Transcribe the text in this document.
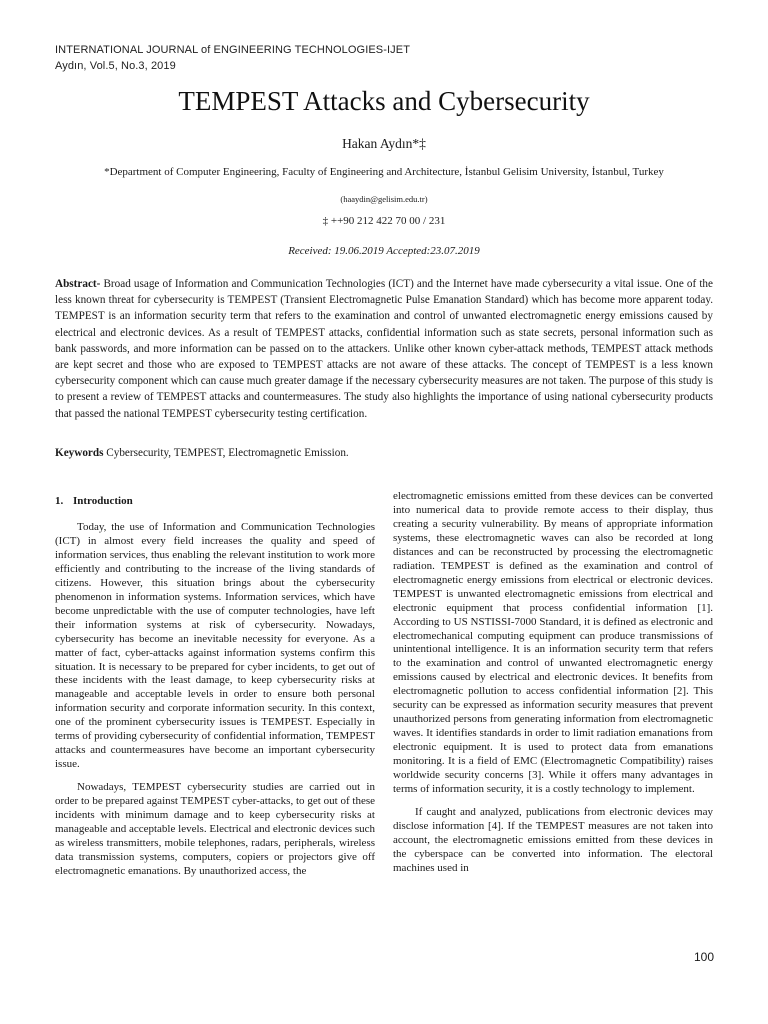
INTERNATIONAL JOURNAL of ENGINEERING TECHNOLOGIES-IJET
Aydın, Vol.5, No.3, 2019
TEMPEST Attacks and Cybersecurity
Hakan Aydın*‡
*Department of Computer Engineering, Faculty of Engineering and Architecture, İstanbul Gelisim University, İstanbul, Turkey
(haaydin@gelisim.edu.tr)
‡ ++90 212 422 70 00 / 231
Received: 19.06.2019 Accepted:23.07.2019
Abstract- Broad usage of Information and Communication Technologies (ICT) and the Internet have made cybersecurity a vital issue. One of the less known threat for cybersecurity is TEMPEST (Transient Electromagnetic Pulse Emanation Standard) which has become more apparent today. TEMPEST is an information security term that refers to the examination and control of unwanted electromagnetic energy emissions caused by electrical and electronic devices. As a result of TEMPEST attacks, confidential information such as state secrets, personal information such as bank passwords, and more information can be passed on to the attackers. Unlike other known cyber-attack methods, TEMPEST attack methods are kept secret and those who are exposed to TEMPEST attacks are not aware of these attacks. The concept of TEMPEST is a less known cybersecurity component which can cause much greater damage if the necessary cybersecurity measures are not taken. The purpose of this study is to present a review of TEMPEST attacks and countermeasures. The study also highlights the importance of using national cybersecurity products that passed the national TEMPEST cybersecurity testing certification.
Keywords Cybersecurity, TEMPEST, Electromagnetic Emission.
1. Introduction

Today, the use of Information and Communication Technologies (ICT) in almost every field increases the quality and speed of information services, thus enabling the relevant institution to work more efficiently and contributing to the increase of the living standards of citizens. However, this situation brings about the cybersecurity phenomenon in information systems. Information services, which have become unpredictable with the use of computer technologies, have left their information systems at risk of cybersecurity. Nowadays, cybersecurity has become an inevitable necessity for everyone. As a matter of fact, cyber-attacks against information systems confirm this situation. It is necessary to be prepared for cyber incidents, to get out of these incidents with the least damage, to keep cybersecurity risks at manageable and acceptable levels in order to ensure both personal information security and corporate information security. In this context, one of the prominent cybersecurity issues is TEMPEST. Especially in terms of providing cybersecurity of confidential information, TEMPEST attacks and countermeasures have become an important cybersecurity issue.

Nowadays, TEMPEST cybersecurity studies are carried out in order to be prepared against TEMPEST cyber-attacks, to get out of these incidents with minimum damage and to keep cybersecurity risks at manageable and acceptable levels. Electrical and electronic devices such as wireless transmitters, mobile telephones, radars, peripherals, wireless data transmission systems, computers, copiers or projectors give off electromagnetic emanations. By unauthorized access, the

electromagnetic emissions emitted from these devices can be converted into numerical data to provide remote access to their display, thus creating a security vulnerability. By means of appropriate information systems, these electromagnetic waves can also be recorded at long distances and can be reconstructed by processing the electromagnetic radiation. TEMPEST is defined as the examination and control of electromagnetic energy emissions from electrical or electronic devices. TEMPEST is unwanted electromagnetic emissions from electrical and electronic equipment that process confidential information [1]. According to US NSTISSI-7000 Standard, it is defined as electronic and electromechanical computing equipment can produce transmissions of unintentional intelligence. It is an information security term that refers to the examination and control of unwanted electromagnetic energy emissions caused by electrical and electronic devices. It benefits from electromagnetic pollution to access confidential information [2]. This security can be expressed as information security measures that prevent unauthorized persons from generating information from electromagnetic waves. It identifies standards in order to limit radiation emanations from electronic equipment. It is used to protect data from emanations monitoring. It is a field of EMC (Electromagnetic Compatibility) raises worldwide security concerns [3]. While it offers many advantages in terms of information security, it is a costly technology to implement.

If caught and analyzed, publications from electronic devices may disclose information [4]. If the TEMPEST measures are not taken into account, the electromagnetic emissions emitted from these devices in the cyberspace can be converted into information. The electoral machines used in

100
